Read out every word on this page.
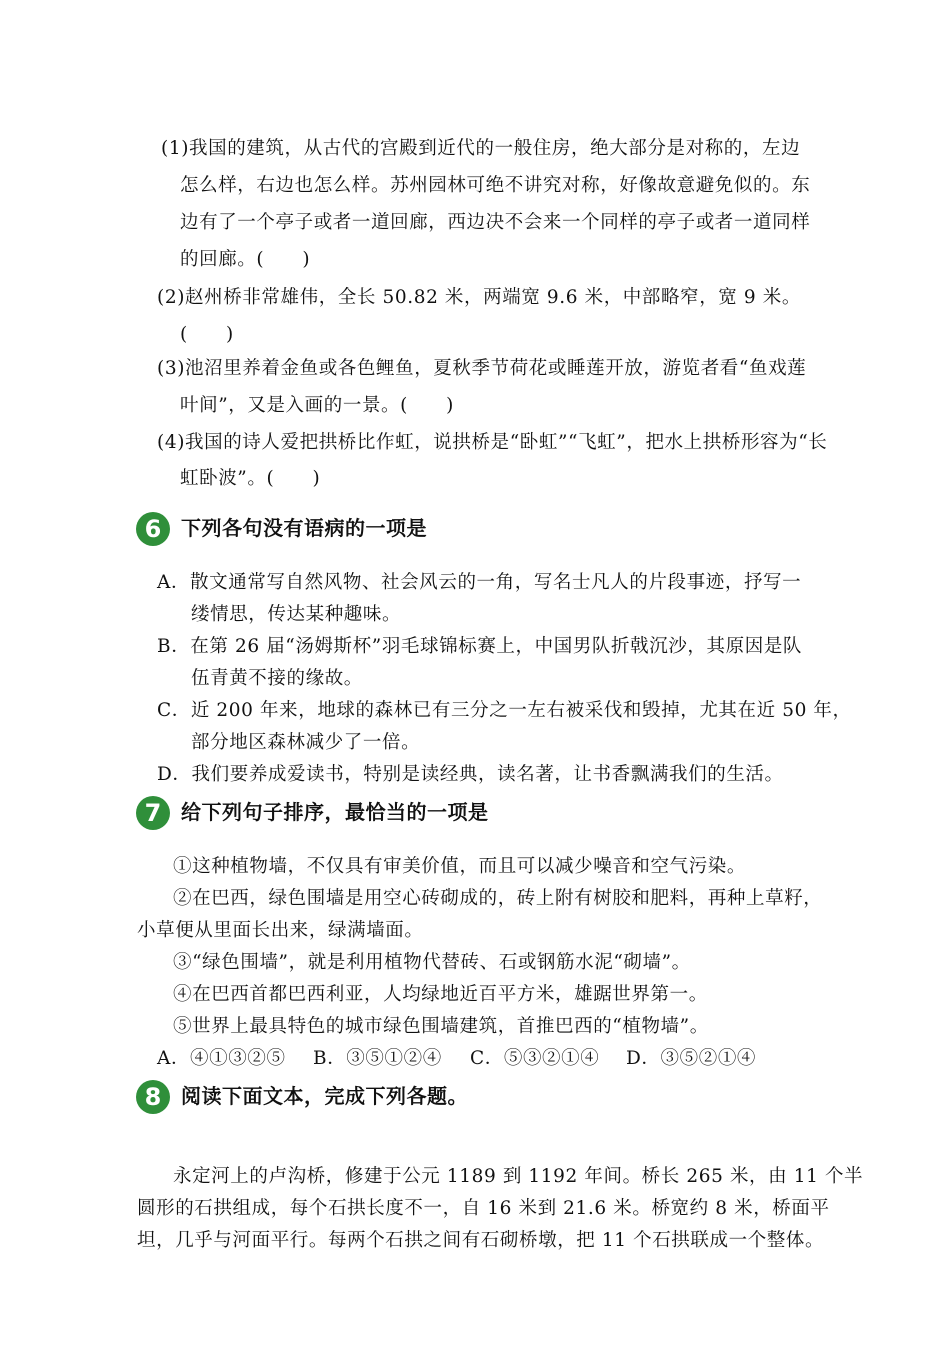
(1)我国的建筑，从古代的宫殿到近代的一般住房，绝大部分是对称的，左边
怎么样，右边也怎么样。苏州园林可绝不讲究对称，好像故意避免似的。东
边有了一个亭子或者一道回廊，西边决不会来一个同样的亭子或者一道同样
的回廊。(　　)
(2)赵州桥非常雄伟，全长 50.82 米，两端宽 9.6 米，中部略窄，宽 9 米。
(　　)
(3)池沼里养着金鱼或各色鲤鱼，夏秋季节荷花或睡莲开放，游览者看“鱼戏莲
叶间”，又是入画的一景。(　　)
(4)我国的诗人爱把拱桥比作虹，说拱桥是“卧虹”“飞虹”，把水上拱桥形容为“长
虹卧波”。(　　)
6 下列各句没有语病的一项是
A．散文通常写自然风物、社会风云的一角，写名士凡人的片段事迹，抒写一
缕情思，传达某种趣味。
B．在第 26 届“汤姆斯杯”羽毛球锦标赛上，中国男队折戟沉沙，其原因是队
伍青黄不接的缘故。
C．近 200 年来，地球的森林已有三分之一左右被采伐和毁掉，尤其在近 50 年，
部分地区森林减少了一倍。
D．我们要养成爱读书，特别是读经典，读名著，让书香飘满我们的生活。
7 给下列句子排序，最恰当的一项是
①这种植物墙，不仅具有审美价值，而且可以减少噪音和空气污染。
②在巴西，绿色围墙是用空心砖砌成的，砖上附有树胶和肥料，再种上草籽，
小草便从里面长出来，绿满墙面。
③“绿色围墙”，就是利用植物代替砖、石或钢筋水泥“砌墙”。
④在巴西首都巴西利亚，人均绿地近百平方米，雄踞世界第一。
⑤世界上最具特色的城市绿色围墙建筑，首推巴西的“植物墙”。
A．④①③②⑤ B．③⑤①②④ C．⑤③②①④ D．③⑤②①④
8 阅读下面文本，完成下列各题。
永定河上的卢沟桥，修建于公元 1189 到 1192 年间。桥长 265 米，由 11 个半
圆形的石拱组成，每个石拱长度不一，自 16 米到 21.6 米。桥宽约 8 米，桥面平
坦，几乎与河面平行。每两个石拱之间有石砌桥墩，把 11 个石拱联成一个整体。
